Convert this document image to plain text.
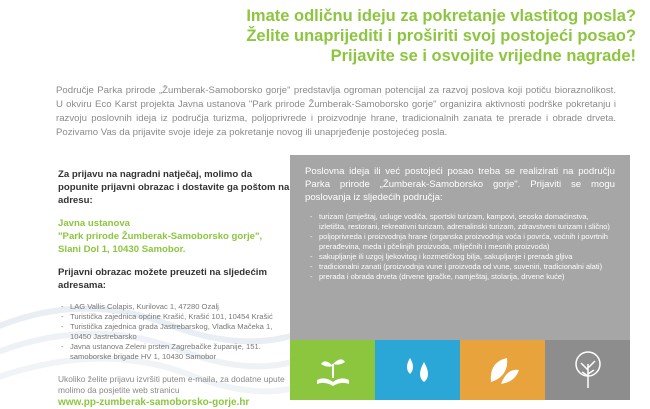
Imate odličnu ideju za pokretanje vlastitog posla?
Želite unaprijediti i proširiti svoj postojeći posao?
Prijavite se i osvojite vrijedne nagrade!
Područje Parka prirode „Žumberak-Samoborsko gorje" predstavlja ogroman potencijal za razvoj poslova koji potiču bioraznolikost. U okviru Eco Karst projekta Javna ustanova "Park prirode Žumberak-Samoborsko gorje" organizira aktivnosti podrške pokretanju i razvoju poslovnih ideja iz područja turizma, poljoprivrede i proizvodnje hrane, tradicionalnih zanata te prerade i obrade drveta. Pozivamo Vas da prijavite svoje ideje za pokretanje novog ili unaprjeđenje postojećeg posla.
Za prijavu na nagradni natječaj, molimo da popunite prijavni obrazac i dostavite ga poštom na adresu:
Javna ustanova
"Park prirode Žumberak-Samoborsko gorje",
Slani Dol 1, 10430 Samobor.
Prijavni obrazac možete preuzeti na sljedećim adresama:
- LAG Vallis Colapis, Kurilovac 1, 47280 Ozalj
- Turistička zajednica općine Krašić, Krašić 101, 10454 Krašić
- Turistička zajednica grada Jastrebarskog, Vladka Mačeka 1, 10450 Jastrebarsko
- Javna ustanova Zeleni prsten Zagrebačke županije, 151. samoborske brigade HV 1, 10430 Samobor
Ukoliko želite prijavu izvršiti putem e-maila, za dodatne upute molimo da posjetite web stranicu
www.pp-zumberak-samoborsko-gorje.hr
Poslovna ideja ili već postojeći posao treba se realizirati na području Parka prirode „Žumberak-Samoborsko gorje". Prijaviti se mogu poslovanja iz sljedećih područja:
- turizam (smještaj, usluge vodiča, sportski turizam, kampovi, seoska domaćinstva, izletišta, restorani, rekreativni turizam, adrenalinski turizam, zdravstveni turizam i slično)
- poljoprivreda i proizvodnja hrane (organska proizvodnja voća i povrća, voćnih i povrtnih prerađevina, meda i pčelinjih proizvoda, mliječnih i mesnih proizvoda)
- sakupljanje ili uzgoj ljekovitog i kozmetičkog bilja, sakupljanje i prerada gljiva
- tradicionalni zanati (proizvodnja vune i proizvoda od vune, suveniri, tradicionalni alati)
- prerada i obrada drveta (drvene igračke, namještaj, stolarija, drvene kuće)
